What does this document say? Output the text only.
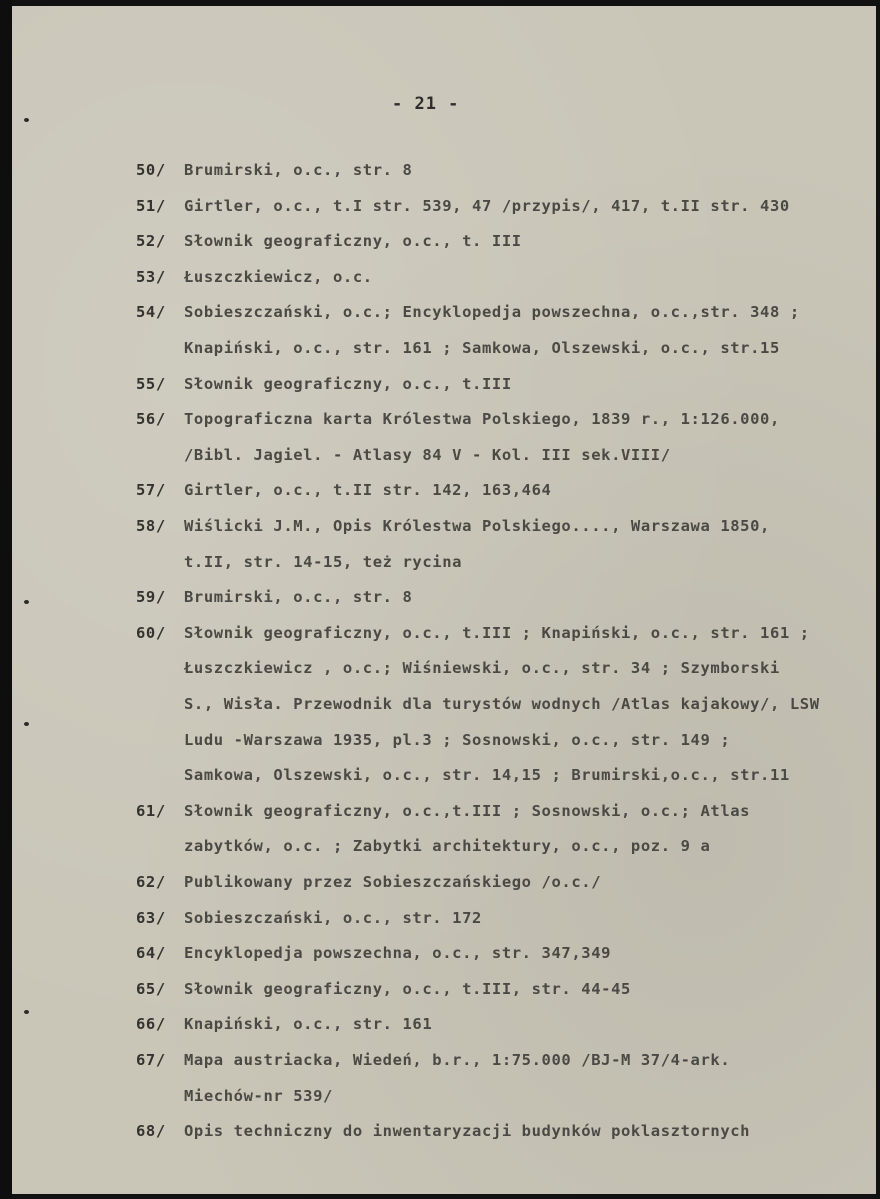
- 21 -
50/ Brumirski, o.c., str. 8
51/ Girtler, o.c., t.I str. 539, 47 /przypis/, 417, t.II str. 430
52/ Słownik geograficzny, o.c., t. III
53/ Łuszczkiewicz, o.c.
54/ Sobieszczański, o.c.; Encyklopedja powszechna, o.c.,str. 348 ;
Knapiński, o.c., str. 161 ; Samkowa, Olszewski, o.c., str.15
55/ Słownik geograficzny, o.c., t.III
56/ Topograficzna karta Królestwa Polskiego, 1839 r., 1:126.000,
/Bibl. Jagiel. - Atlasy 84 V - Kol. III sek.VIII/
57/ Girtler, o.c., t.II str. 142, 163,464
58/ Wiślicki J.M., Opis Królestwa Polskiego...., Warszawa 1850,
t.II, str. 14-15, też rycina
59/ Brumirski, o.c., str. 8
60/ Słownik geograficzny, o.c., t.III ; Knapiński, o.c., str. 161 ;
Łuszczkiewicz , o.c.; Wiśniewski, o.c., str. 34 ; Szymborski
S., Wisła. Przewodnik dla turystów wodnych /Atlas kajakowy/, LSW
Ludu -Warszawa 1935, pl.3 ; Sosnowski, o.c., str. 149 ;
Samkowa, Olszewski, o.c., str. 14,15 ; Brumirski,o.c., str.11
61/ Słownik geograficzny, o.c.,t.III ; Sosnowski, o.c.; Atlas
zabytków, o.c. ; Zabytki architektury, o.c., poz. 9 a
62/ Publikowany przez Sobieszczańskiego /o.c./
63/ Sobieszczański, o.c., str. 172
64/ Encyklopedja powszechna, o.c., str. 347,349
65/ Słownik geograficzny, o.c., t.III, str. 44-45
66/ Knapiński, o.c., str. 161
67/ Mapa austriacka, Wiedeń, b.r., 1:75.000 /BJ-M 37/4-ark.
Miechów-nr 539/
68/ Opis techniczny do inwentaryzacji budynków poklasztornych
